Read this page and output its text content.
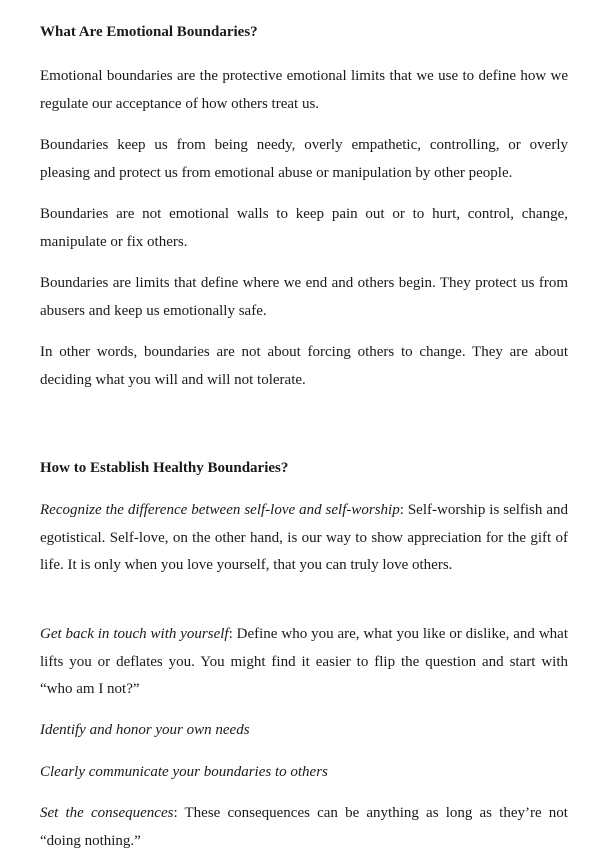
What Are Emotional Boundaries?

Emotional boundaries are the protective emotional limits that we use to define how we regulate our acceptance of how others treat us.

Boundaries keep us from being needy, overly empathetic, controlling, or overly pleasing and protect us from emotional abuse or manipulation by other people.

Boundaries are not emotional walls to keep pain out or to hurt, control, change, manipulate or fix others.

Boundaries are limits that define where we end and others begin. They protect us from abusers and keep us emotionally safe.

In other words, boundaries are not about forcing others to change. They are about deciding what you will and will not tolerate.

How to Establish Healthy Boundaries?

Recognize the difference between self-love and self-worship: Self-worship is selfish and egotistical. Self-love, on the other hand, is our way to show appreciation for the gift of life. It is only when you love yourself, that you can truly love others.

Get back in touch with yourself: Define who you are, what you like or dislike, and what lifts you or deflates you. You might find it easier to flip the question and start with “who am I not?”

Identify and honor your own needs

Clearly communicate your boundaries to others

Set the consequences: These consequences can be anything as long as they’re not “doing nothing.”
